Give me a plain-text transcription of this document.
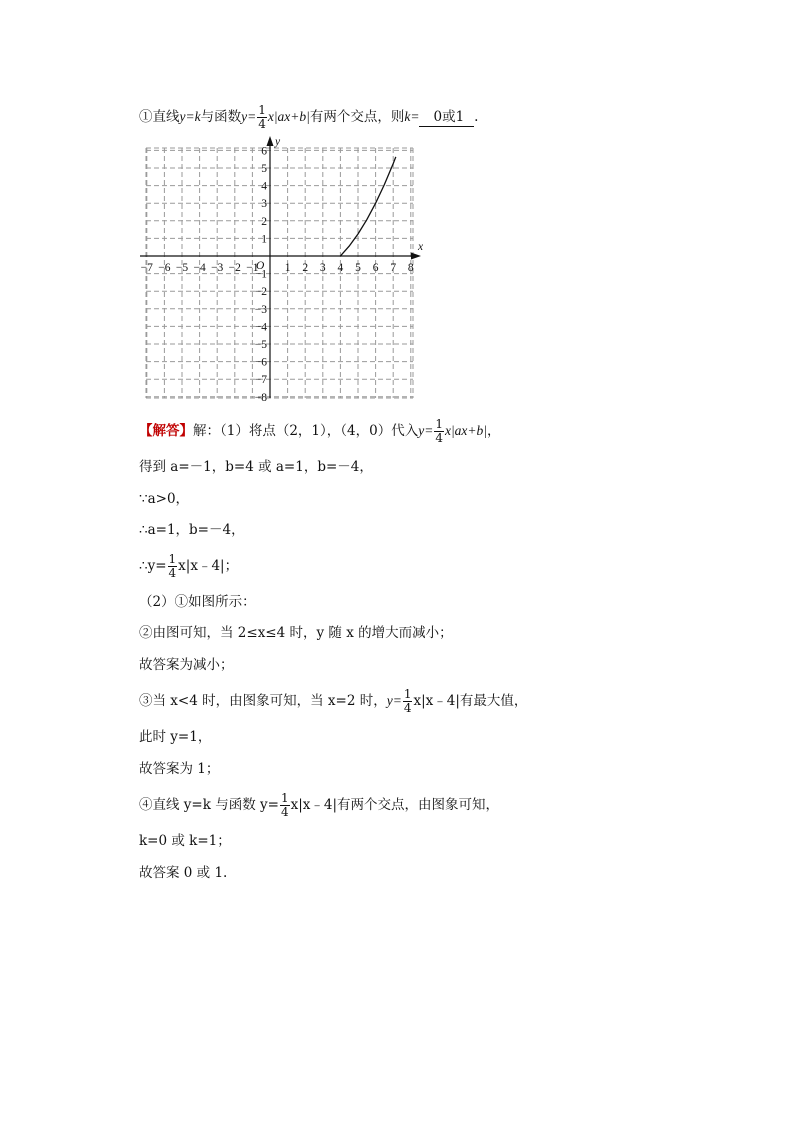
①直线y=k与函数$y= \frac{1}{4} x|ax+b|$有两个交点，则k= 0或1 .
x
y
O
−7 −6 −5 −4 −3 −2 −1 1 2 3 4 5 6 7 8
6
5
4
3
2
1
−1
−2
−3
−4
−5
−6
−7
−8
【解答】解：（1）将点（2，1），（4，0）代入$y= \frac{1}{4} x|ax+b|$，
得到 a=－1，b=4 或 a=1，b=－4，
∵a>0，
∴a=1，b=－4，
∴y= $\frac{1}{4}$ x|x﹣4|；
（2）①如图所示：
②由图可知，当 2≤x≤4 时，y 随 x 的增大而减小；
故答案为减小；
③当 x<4 时，由图象可知，当 x=2 时，$y= \frac{1}{4}$ x|x﹣4|有最大值，
此时 y=1，
故答案为 1；
④直线 y=k 与函数 $y= \frac{1}{4}$ x|x﹣4|有两个交点，由图象可知，
k=0 或 k=1；
故答案 0 或 1.
